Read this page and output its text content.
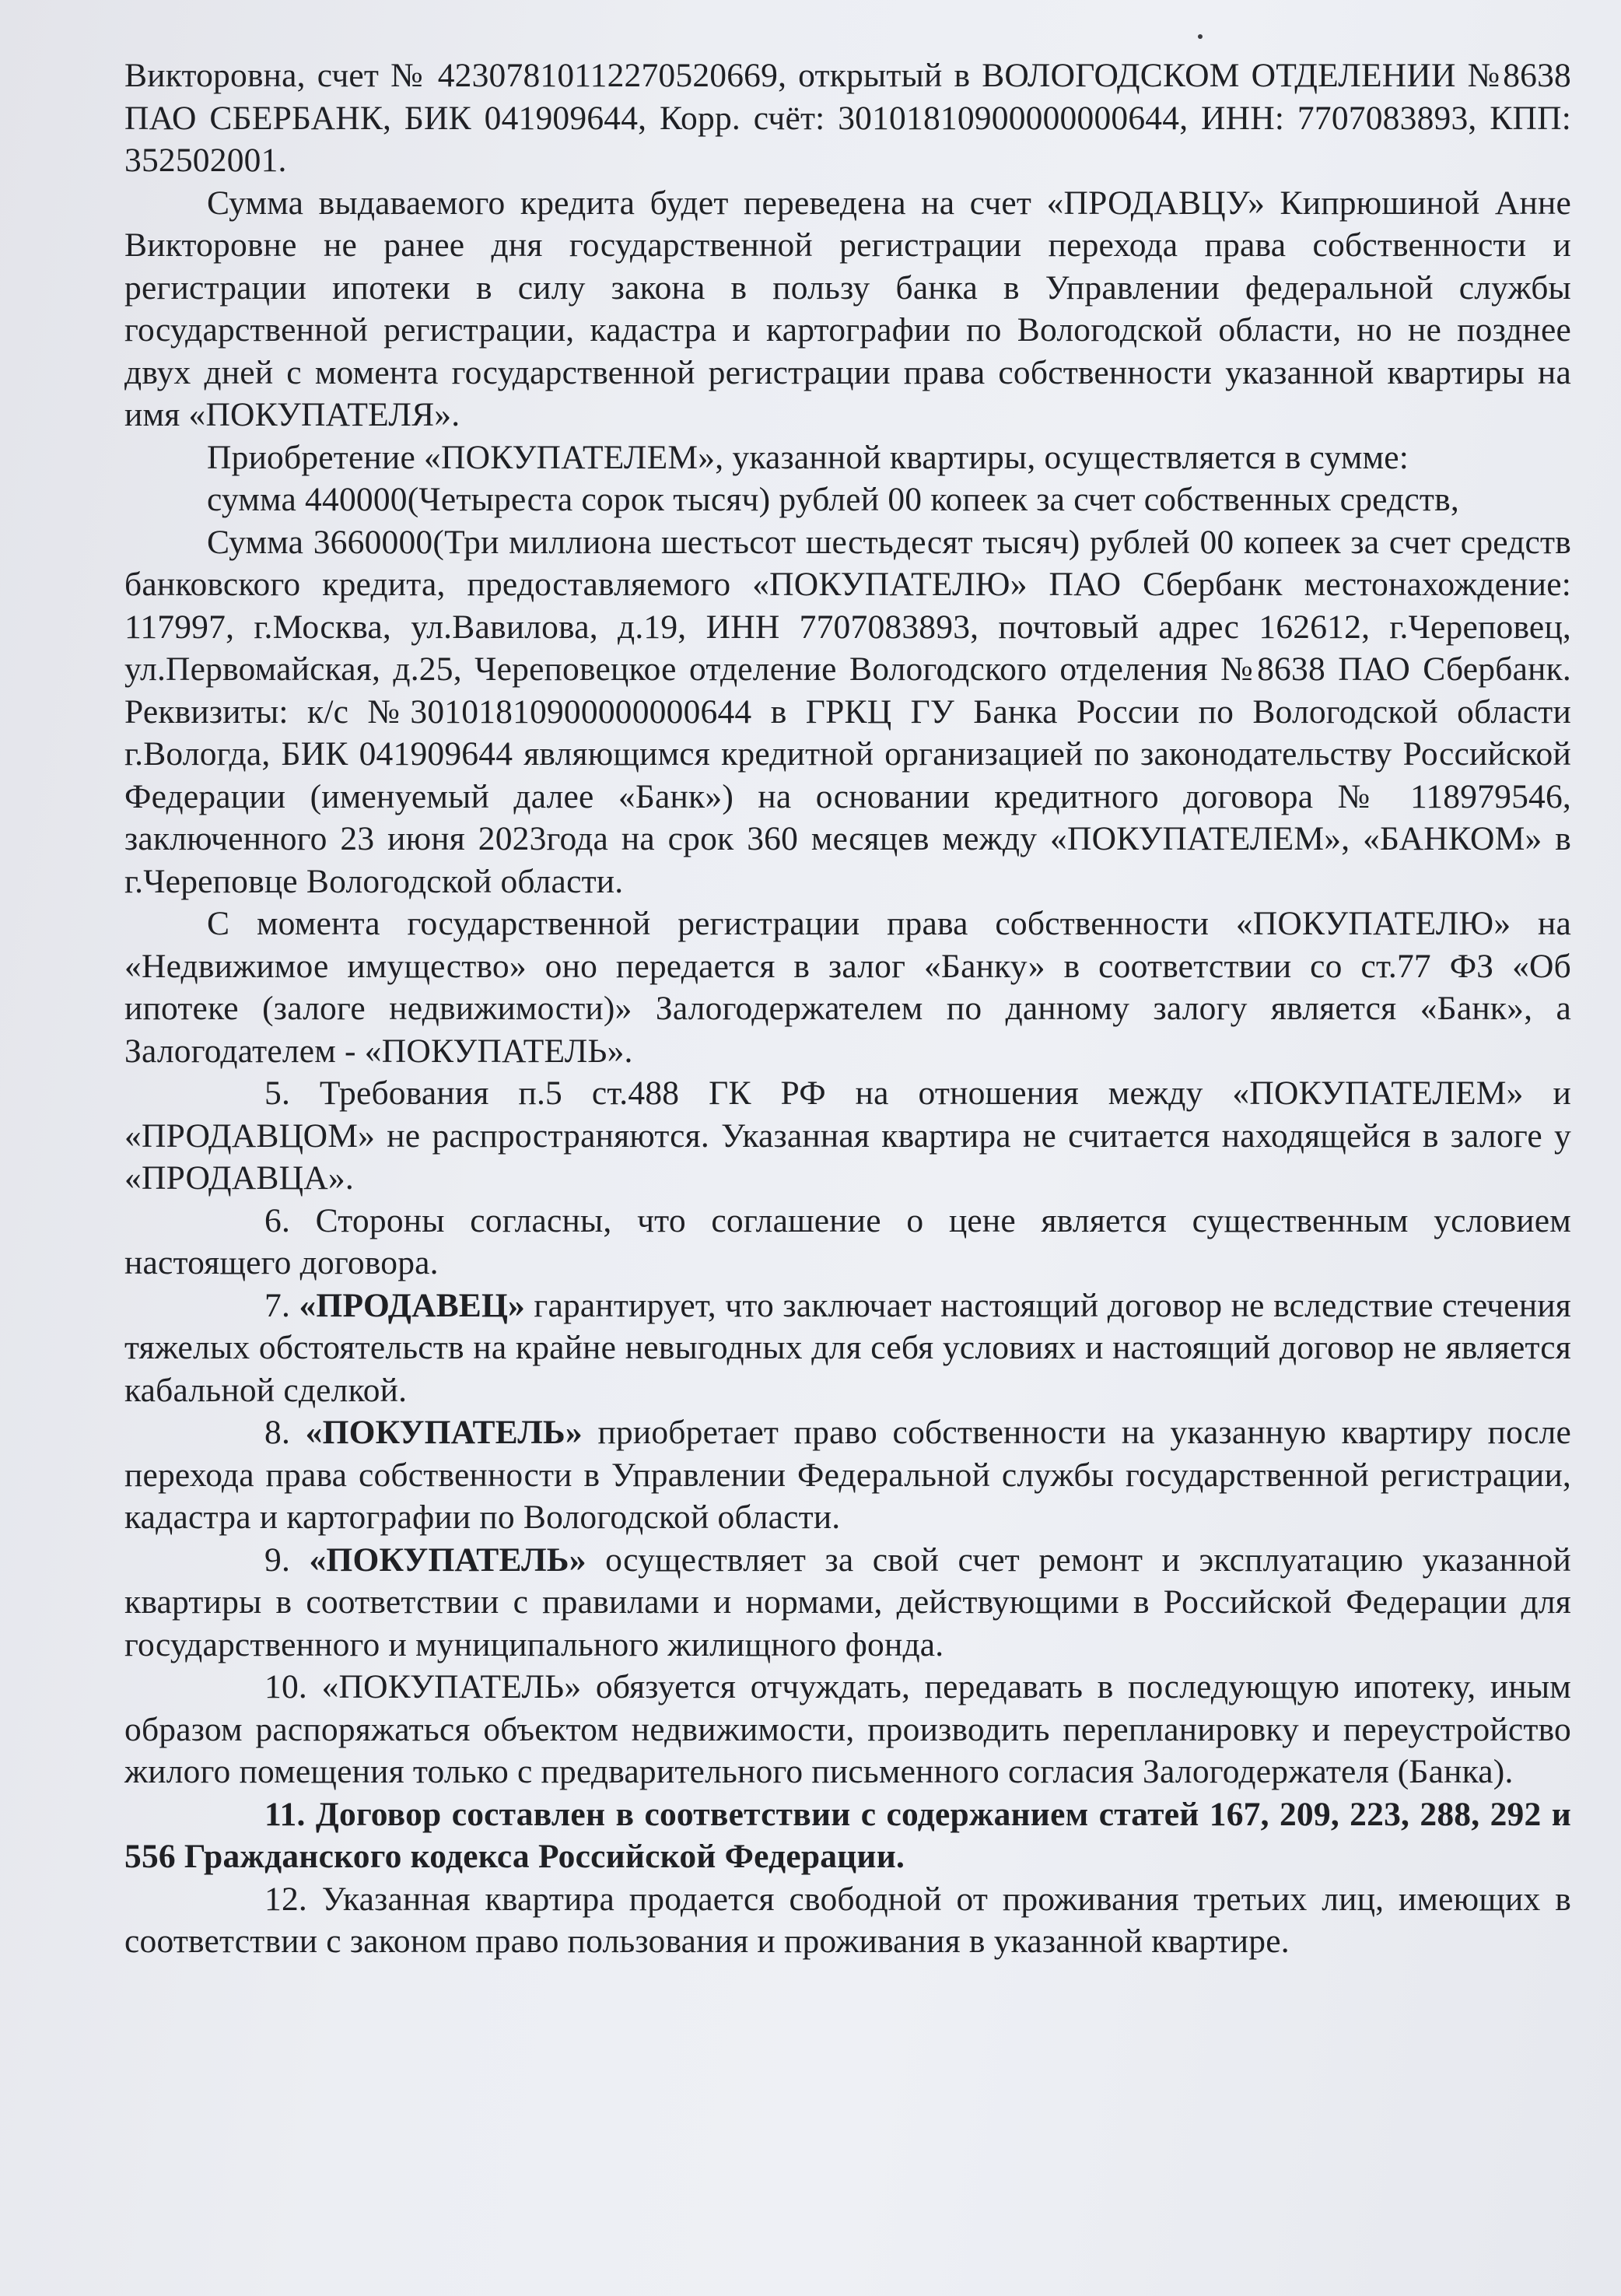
Викторовна, счет № 42307810112270520669, открытый в ВОЛОГОДСКОМ ОТДЕЛЕНИИ №8638 ПАО СБЕРБАНК, БИК 041909644, Корр. счёт: 30101810900000000644, ИНН: 7707083893, КПП: 352502001.

Сумма выдаваемого кредита будет переведена на счет «ПРОДАВЦУ» Кипрюшиной Анне Викторовне не ранее дня государственной регистрации перехода права собственности и регистрации ипотеки в силу закона в пользу банка в Управлении федеральной службы государственной регистрации, кадастра и картографии по Вологодской области, но не позднее двух дней с момента государственной регистрации права собственности указанной квартиры на имя «ПОКУПАТЕЛЯ».

Приобретение «ПОКУПАТЕЛЕМ», указанной квартиры, осуществляется в сумме:

сумма 440000(Четыреста сорок тысяч) рублей 00 копеек за счет собственных средств,

Сумма 3660000(Три миллиона шестьсот шестьдесят тысяч) рублей 00 копеек за счет средств банковского кредита, предоставляемого «ПОКУПАТЕЛЮ» ПАО Сбербанк местонахождение: 117997, г.Москва, ул.Вавилова, д.19, ИНН 7707083893, почтовый адрес 162612, г.Череповец, ул.Первомайская, д.25, Череповецкое отделение Вологодского отделения №8638 ПАО Сбербанк. Реквизиты: к/с №30101810900000000644 в ГРКЦ ГУ Банка России по Вологодской области г.Вологда, БИК 041909644 являющимся кредитной организацией по законодательству Российской Федерации (именуемый далее «Банк») на основании кредитного договора № 118979546, заключенного 23 июня 2023года на срок 360 месяцев между «ПОКУПАТЕЛЕМ», «БАНКОМ» в г.Череповце Вологодской области.

С момента государственной регистрации права собственности «ПОКУПАТЕЛЮ» на «Недвижимое имущество» оно передается в залог «Банку» в соответствии со ст.77 ФЗ «Об ипотеке (залоге недвижимости)» Залогодержателем по данному залогу является «Банк», а Залогодателем - «ПОКУПАТЕЛЬ».

5. Требования п.5 ст.488 ГК РФ на отношения между «ПОКУПАТЕЛЕМ» и «ПРОДАВЦОМ» не распространяются. Указанная квартира не считается находящейся в залоге у «ПРОДАВЦА».

6. Стороны согласны, что соглашение о цене является существенным условием настоящего договора.

7. «ПРОДАВЕЦ» гарантирует, что заключает настоящий договор не вследствие стечения тяжелых обстоятельств на крайне невыгодных для себя условиях и настоящий договор не является кабальной сделкой.

8. «ПОКУПАТЕЛЬ» приобретает право собственности на указанную квартиру после перехода права собственности в Управлении Федеральной службы государственной регистрации, кадастра и картографии по Вологодской области.

9. «ПОКУПАТЕЛЬ» осуществляет за свой счет ремонт и эксплуатацию указанной квартиры в соответствии с правилами и нормами, действующими в Российской Федерации для государственного и муниципального жилищного фонда.

10. «ПОКУПАТЕЛЬ» обязуется отчуждать, передавать в последующую ипотеку, иным образом распоряжаться объектом недвижимости, производить перепланировку и переустройство жилого помещения только с предварительного письменного согласия Залогодержателя (Банка).

11. Договор составлен в соответствии с содержанием статей 167, 209, 223, 288, 292 и 556 Гражданского кодекса Российской Федерации.

12. Указанная квартира продается свободной от проживания третьих лиц, имеющих в соответствии с законом право пользования и проживания в указанной квартире.
